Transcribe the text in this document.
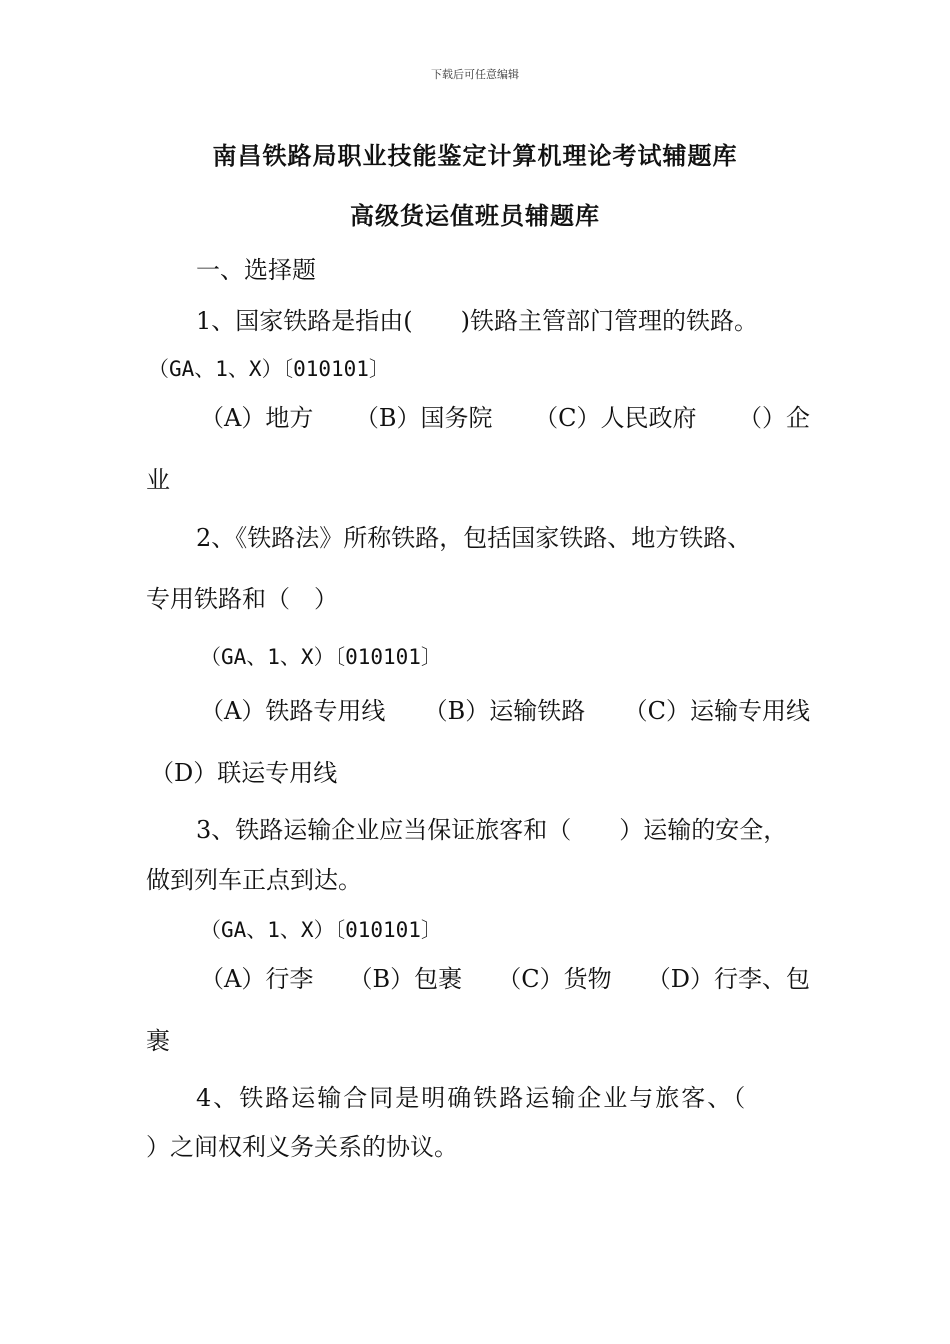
下载后可任意编辑
南昌铁路局职业技能鉴定计算机理论考试辅题库
高级货运值班员辅题库
一、选择题
1、国家铁路是指由(　　)铁路主管部门管理的铁路。
（GA、1、X）〔010101〕
（A）地方 （B）国务院 （C）人民政府 （）企
业
2、《铁路法》所称铁路，包括国家铁路、地方铁路、
专用铁路和（　）
（GA、1、X）〔010101〕
（A）铁路专用线 （B）运输铁路 （C）运输专用线
（D）联运专用线
3、铁路运输企业应当保证旅客和（　　）运输的安全，
做到列车正点到达。
（GA、1、X）〔010101〕
（A）行李 （B）包裹 （C）货物 （D）行李、包
裹
4、铁路运输合同是明确铁路运输企业与旅客、（
）之间权利义务关系的协议。
